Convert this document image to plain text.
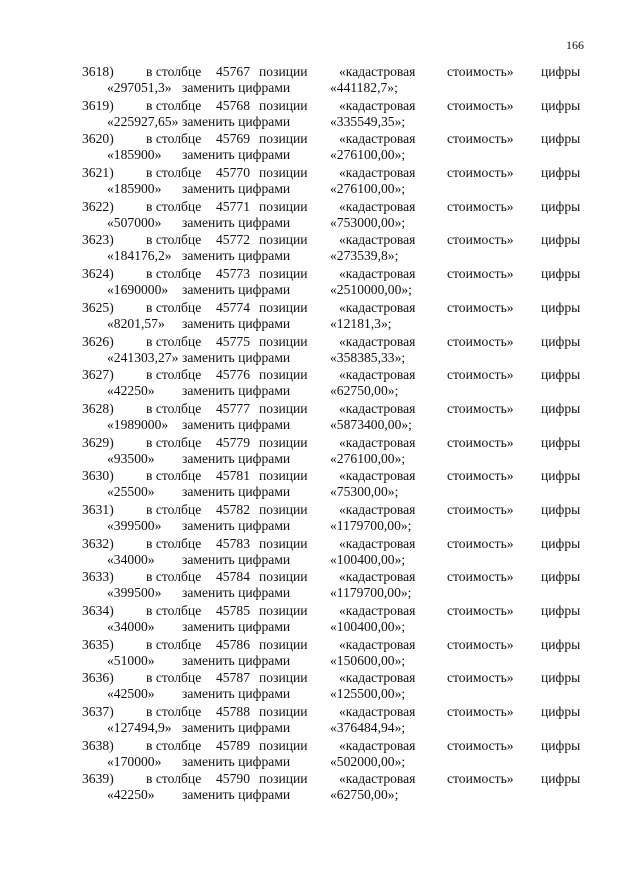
166
3618) в столбце 45767 позиции «кадастровая стоимость» цифры
«297051,3» заменить цифрами	«441182,7»;
3619) в столбце 45768 позиции «кадастровая стоимость» цифры
«225927,65» заменить цифрами	«335549,35»;
3620) в столбце 45769 позиции «кадастровая стоимость» цифры
«185900» заменить цифрами	«276100,00»;
3621) в столбце 45770 позиции «кадастровая стоимость» цифры
«185900» заменить цифрами	«276100,00»;
3622) в столбце 45771 позиции «кадастровая стоимость» цифры
«507000» заменить цифрами	«753000,00»;
3623) в столбце 45772 позиции «кадастровая стоимость» цифры
«184176,2» заменить цифрами	«273539,8»;
3624) в столбце 45773 позиции «кадастровая стоимость» цифры
«1690000» заменить цифрами	«2510000,00»;
3625) в столбце 45774 позиции «кадастровая стоимость» цифры
«8201,57» заменить цифрами	«12181,3»;
3626) в столбце 45775 позиции «кадастровая стоимость» цифры
«241303,27» заменить цифрами	«358385,33»;
3627) в столбце 45776 позиции «кадастровая стоимость» цифры
«42250» заменить цифрами	«62750,00»;
3628) в столбце 45777 позиции «кадастровая стоимость» цифры
«1989000» заменить цифрами	«5873400,00»;
3629) в столбце 45779 позиции «кадастровая стоимость» цифры
«93500» заменить цифрами	«276100,00»;
3630) в столбце 45781 позиции «кадастровая стоимость» цифры
«25500» заменить цифрами	«75300,00»;
3631) в столбце 45782 позиции «кадастровая стоимость» цифры
«399500» заменить цифрами	«1179700,00»;
3632) в столбце 45783 позиции «кадастровая стоимость» цифры
«34000» заменить цифрами	«100400,00»;
3633) в столбце 45784 позиции «кадастровая стоимость» цифры
«399500» заменить цифрами	«1179700,00»;
3634) в столбце 45785 позиции «кадастровая стоимость» цифры
«34000» заменить цифрами	«100400,00»;
3635) в столбце 45786 позиции «кадастровая стоимость» цифры
«51000» заменить цифрами	«150600,00»;
3636) в столбце 45787 позиции «кадастровая стоимость» цифры
«42500» заменить цифрами	«125500,00»;
3637) в столбце 45788 позиции «кадастровая стоимость» цифры
«127494,9» заменить цифрами	«376484,94»;
3638) в столбце 45789 позиции «кадастровая стоимость» цифры
«170000» заменить цифрами	«502000,00»;
3639) в столбце 45790 позиции «кадастровая стоимость» цифры
«42250» заменить цифрами	«62750,00»;
